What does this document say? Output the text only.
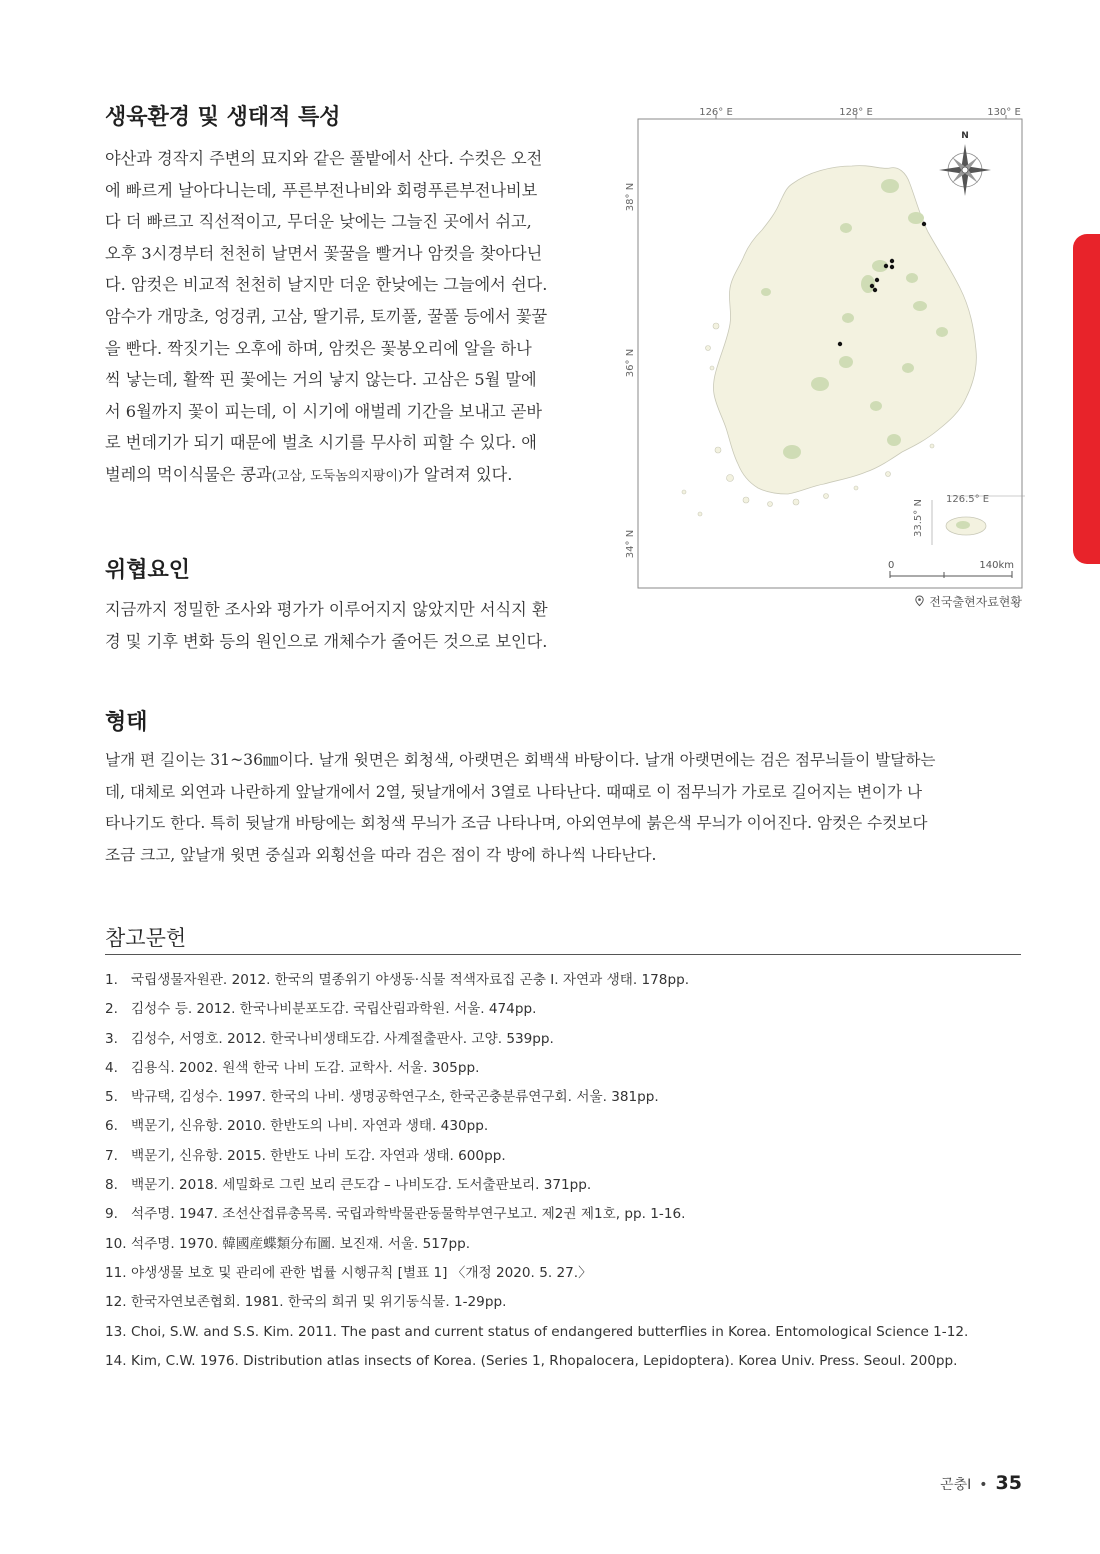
생육환경 및 생태적 특성
야산과 경작지 주변의 묘지와 같은 풀밭에서 산다. 수컷은 오전
에 빠르게 날아다니는데, 푸른부전나비와 회령푸른부전나비보
다 더 빠르고 직선적이고, 무더운 낮에는 그늘진 곳에서 쉬고,
오후 3시경부터 천천히 날면서 꽃꿀을 빨거나 암컷을 찾아다닌
다. 암컷은 비교적 천천히 날지만 더운 한낮에는 그늘에서 쉰다.
암수가 개망초, 엉겅퀴, 고삼, 딸기류, 토끼풀, 꿀풀 등에서 꽃꿀
을 빤다. 짝짓기는 오후에 하며, 암컷은 꽃봉오리에 알을 하나
씩 낳는데, 활짝 핀 꽃에는 거의 낳지 않는다. 고삼은 5월 말에
서 6월까지 꽃이 피는데, 이 시기에 애벌레 기간을 보내고 곧바
로 번데기가 되기 때문에 벌초 시기를 무사히 피할 수 있다. 애
벌레의 먹이식물은 콩과(고삼, 도둑놈의지팡이)가 알려져 있다.
위협요인
지금까지 정밀한 조사와 평가가 이루어지지 않았지만 서식지 환
경 및 기후 변화 등의 원인으로 개체수가 줄어든 것으로 보인다.
형태
날개 편 길이는 31~36㎜이다. 날개 윗면은 회청색, 아랫면은 회백색 바탕이다. 날개 아랫면에는 검은 점무늬들이 발달하는
데, 대체로 외연과 나란하게 앞날개에서 2열, 뒷날개에서 3열로 나타난다. 때때로 이 점무늬가 가로로 길어지는 변이가 나
타나기도 한다. 특히 뒷날개 바탕에는 회청색 무늬가 조금 나타나며, 아외연부에 붉은색 무늬가 이어진다. 암컷은 수컷보다
조금 크고, 앞날개 윗면 중실과 외횡선을 따라 검은 점이 각 방에 하나씩 나타난다.
126° E	128° E	130° E
38° N
36° N
34° N
126.5° E
33.5° N
N
0	140km
전국출현자료현황
참고문헌
1. 국립생물자원관. 2012. 한국의 멸종위기 야생동·식물 적색자료집 곤충 I. 자연과 생태. 178pp.
2. 김성수 등. 2012. 한국나비분포도감. 국립산림과학원. 서울. 474pp.
3. 김성수, 서영호. 2012. 한국나비생태도감. 사계절출판사. 고양. 539pp.
4. 김용식. 2002. 원색 한국 나비 도감. 교학사. 서울. 305pp.
5. 박규택, 김성수. 1997. 한국의 나비. 생명공학연구소, 한국곤충분류연구회. 서울. 381pp.
6. 백문기, 신유항. 2010. 한반도의 나비. 자연과 생태. 430pp.
7. 백문기, 신유항. 2015. 한반도 나비 도감. 자연과 생태. 600pp.
8. 백문기. 2018. 세밀화로 그린 보리 큰도감 – 나비도감. 도서출판보리. 371pp.
9. 석주명. 1947. 조선산접류총목록. 국립과학박물관동물학부연구보고. 제2권 제1호, pp. 1-16.
10. 석주명. 1970. 韓國産蝶類分布圖. 보진재. 서울. 517pp.
11. 야생생물 보호 및 관리에 관한 법률 시행규칙 [별표 1] 〈개정 2020. 5. 27.〉
12. 한국자연보존협회. 1981. 한국의 희귀 및 위기동식물. 1-29pp.
13. Choi, S.W. and S.S. Kim. 2011. The past and current status of endangered butterflies in Korea. Entomological Science 1-12.
14. Kim, C.W. 1976. Distribution atlas insects of Korea. (Series 1, Rhopalocera, Lepidoptera). Korea Univ. Press. Seoul. 200pp.
곤충Ⅰ • 35
